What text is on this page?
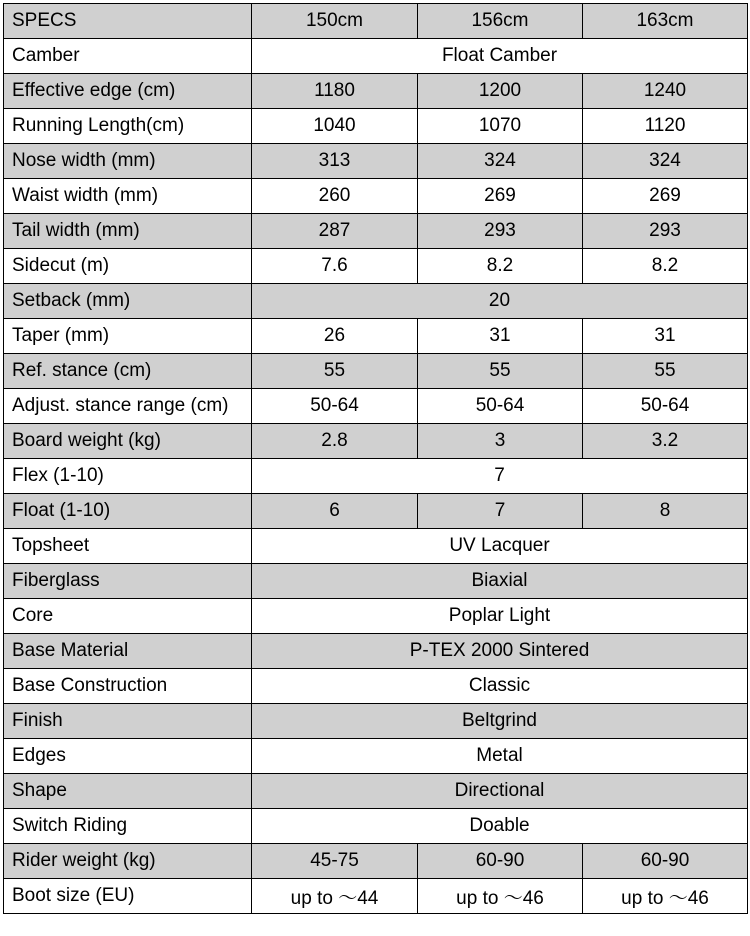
SPECS	150cm	156cm	163cm
Camber	Float Camber		
Effective edge (cm)	1180	1200	1240
Running Length(cm)	1040	1070	1120
Nose width (mm)	313	324	324
Waist width (mm)	260	269	269
Tail width (mm)	287	293	293
Sidecut (m)	7.6	8.2	8.2
Setback (mm)	20		
Taper (mm)	26	31	31
Ref. stance (cm)	55	55	55
Adjust. stance range (cm)	50-64	50-64	50-64
Board weight (kg)	2.8	3	3.2
Flex (1-10)	7		
Float (1-10)	6	7	8
Topsheet	UV Lacquer		
Fiberglass	Biaxial		
Core	Poplar Light		
Base Material	P-TEX 2000 Sintered		
Base Construction	Classic		
Finish	Beltgrind		
Edges	Metal		
Shape	Directional		
Switch Riding	Doable		
Rider weight (kg)	45-75	60-90	60-90
Boot size (EU)	up to ～44	up to ～46	up to ～46
